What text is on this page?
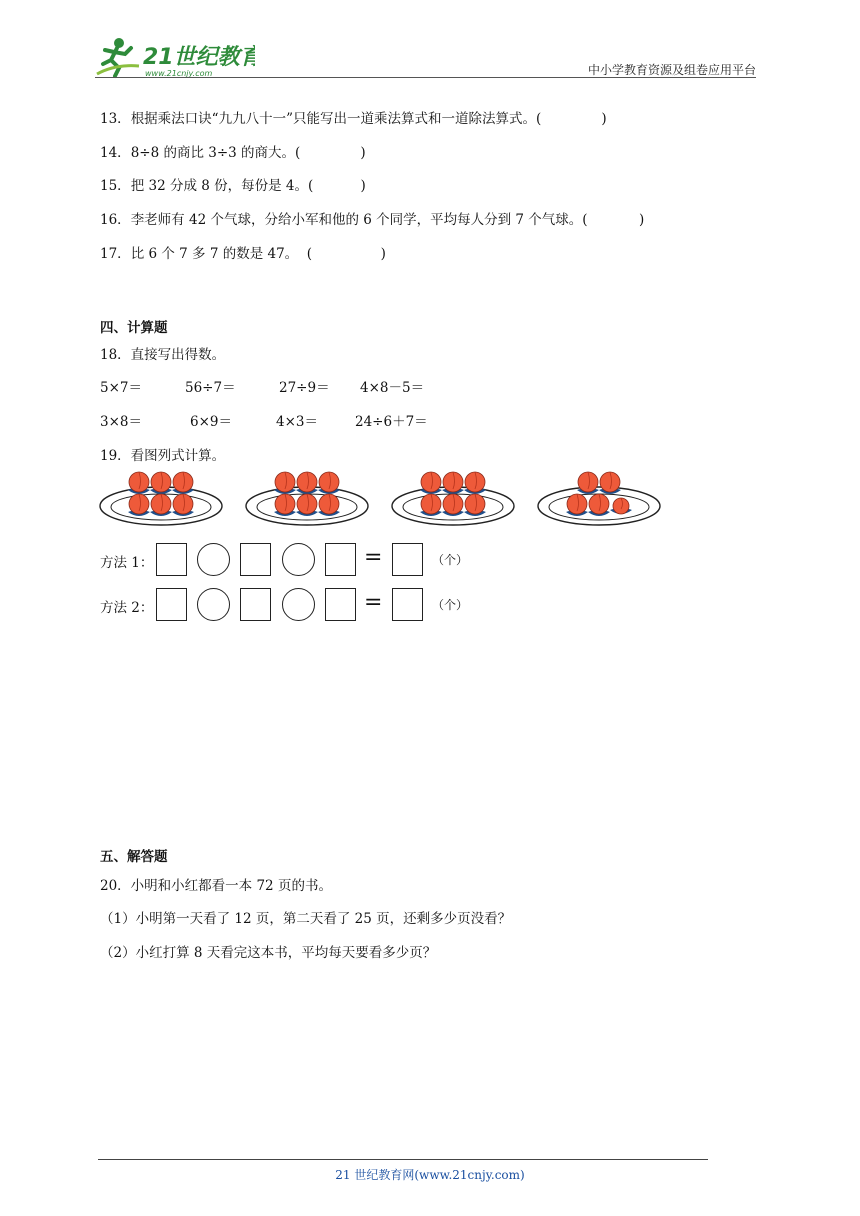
21世纪教育
www.21cnjy.com	中小学教育资源及组卷应用平台
13．根据乘法口诀“九九八十一”只能写出一道乘法算式和一道除法算式。(              )
14．8÷8 的商比 3÷3 的商大。(              )
15．把 32 分成 8 份，每份是 4。(           )
16．李老师有 42 个气球，分给小军和他的 6 个同学，平均每人分到 7 个气球。(            )
17．比 6 个 7 多 7 的数是 47。  (                )
四、计算题
18．直接写出得数。
5×7＝	56÷7＝	27÷9＝ 4×8－5＝
3×8＝	6×9＝	4×3＝	24÷6＋7＝
19．看图列式计算。
方法 1：
方法 2：
=	（个）
=	（个）
五、解答题
20．小明和小红都看一本 72 页的书。
（1）小明第一天看了 12 页，第二天看了 25 页，还剩多少页没看？
（2）小红打算 8 天看完这本书，平均每天要看多少页？
21 世纪教育网(www.21cnjy.com)
